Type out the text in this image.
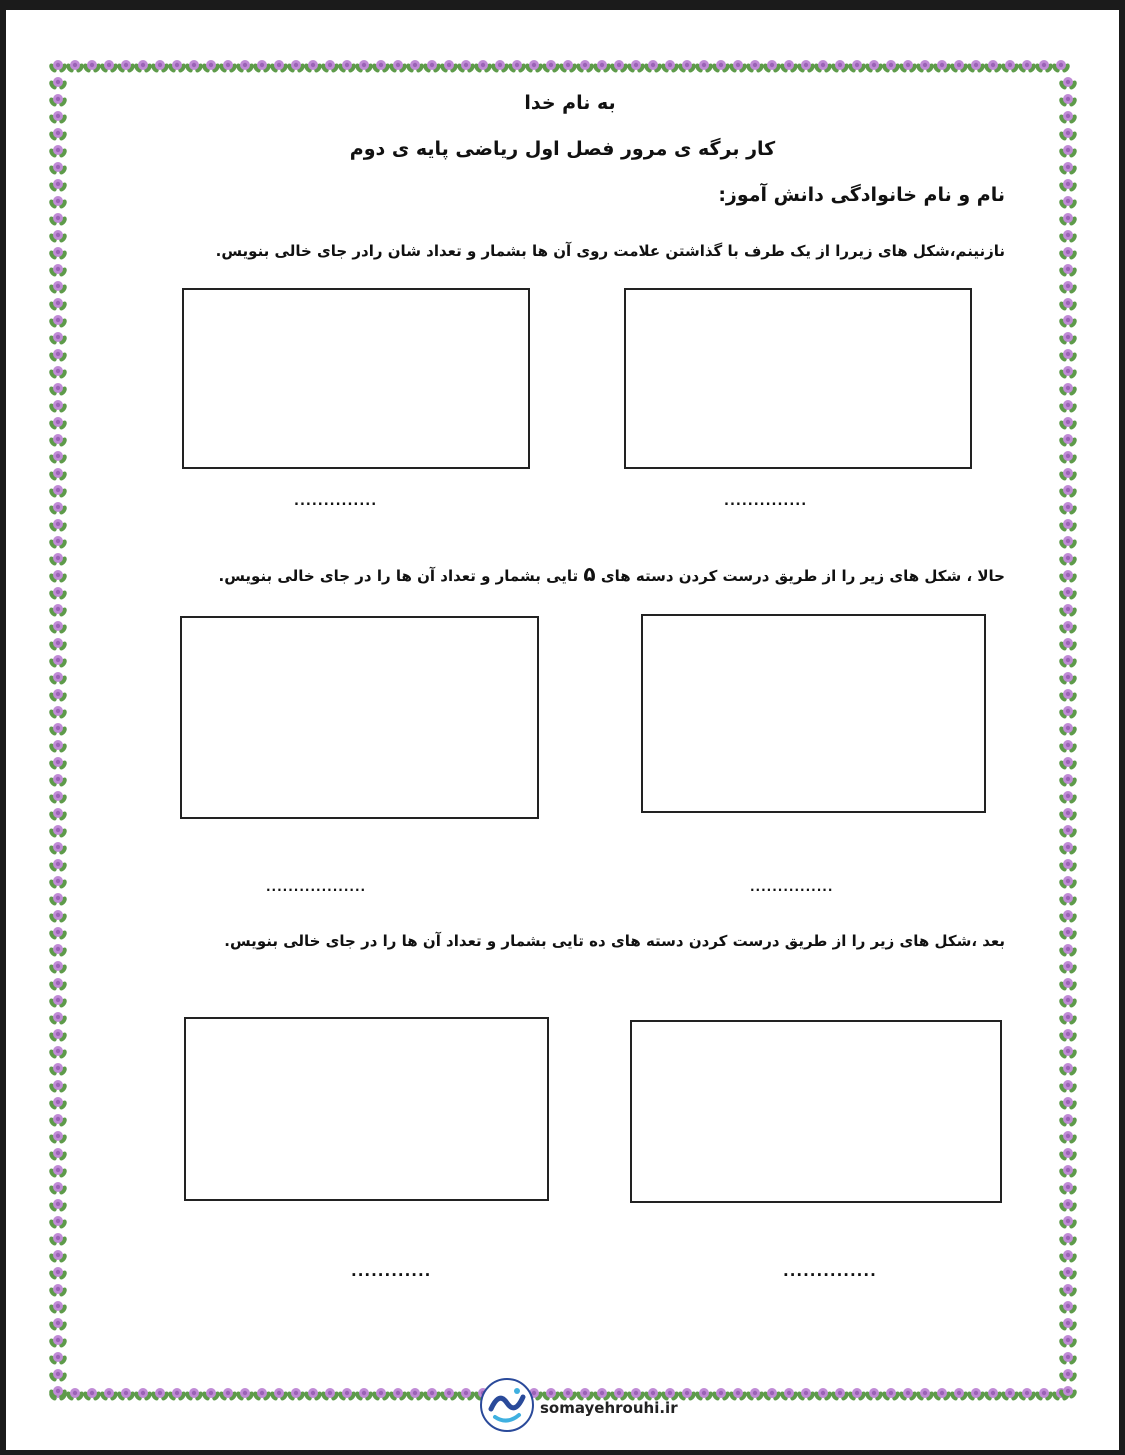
به نام خدا
کار برگه ی مرور فصل اول ریاضی پایه ی دوم
نام و نام خانوادگی دانش آموز:
نازنینم،شکل های زیررا از یک طرف با گذاشتن علامت روی آن ها بشمار و تعداد شان رادر جای خالی بنویس.
..............	..............
حالا ، شکل های زیر را از طریق درست کردن دسته های ۵ تایی بشمار و تعداد آن ها را در جای خالی بنویس.
..................	...............
بعد ،شکل های زیر را از طریق درست کردن دسته های ده تایی بشمار و تعداد آن ها را در جای خالی بنویس.
............	..............
somayehrouhi.ir
